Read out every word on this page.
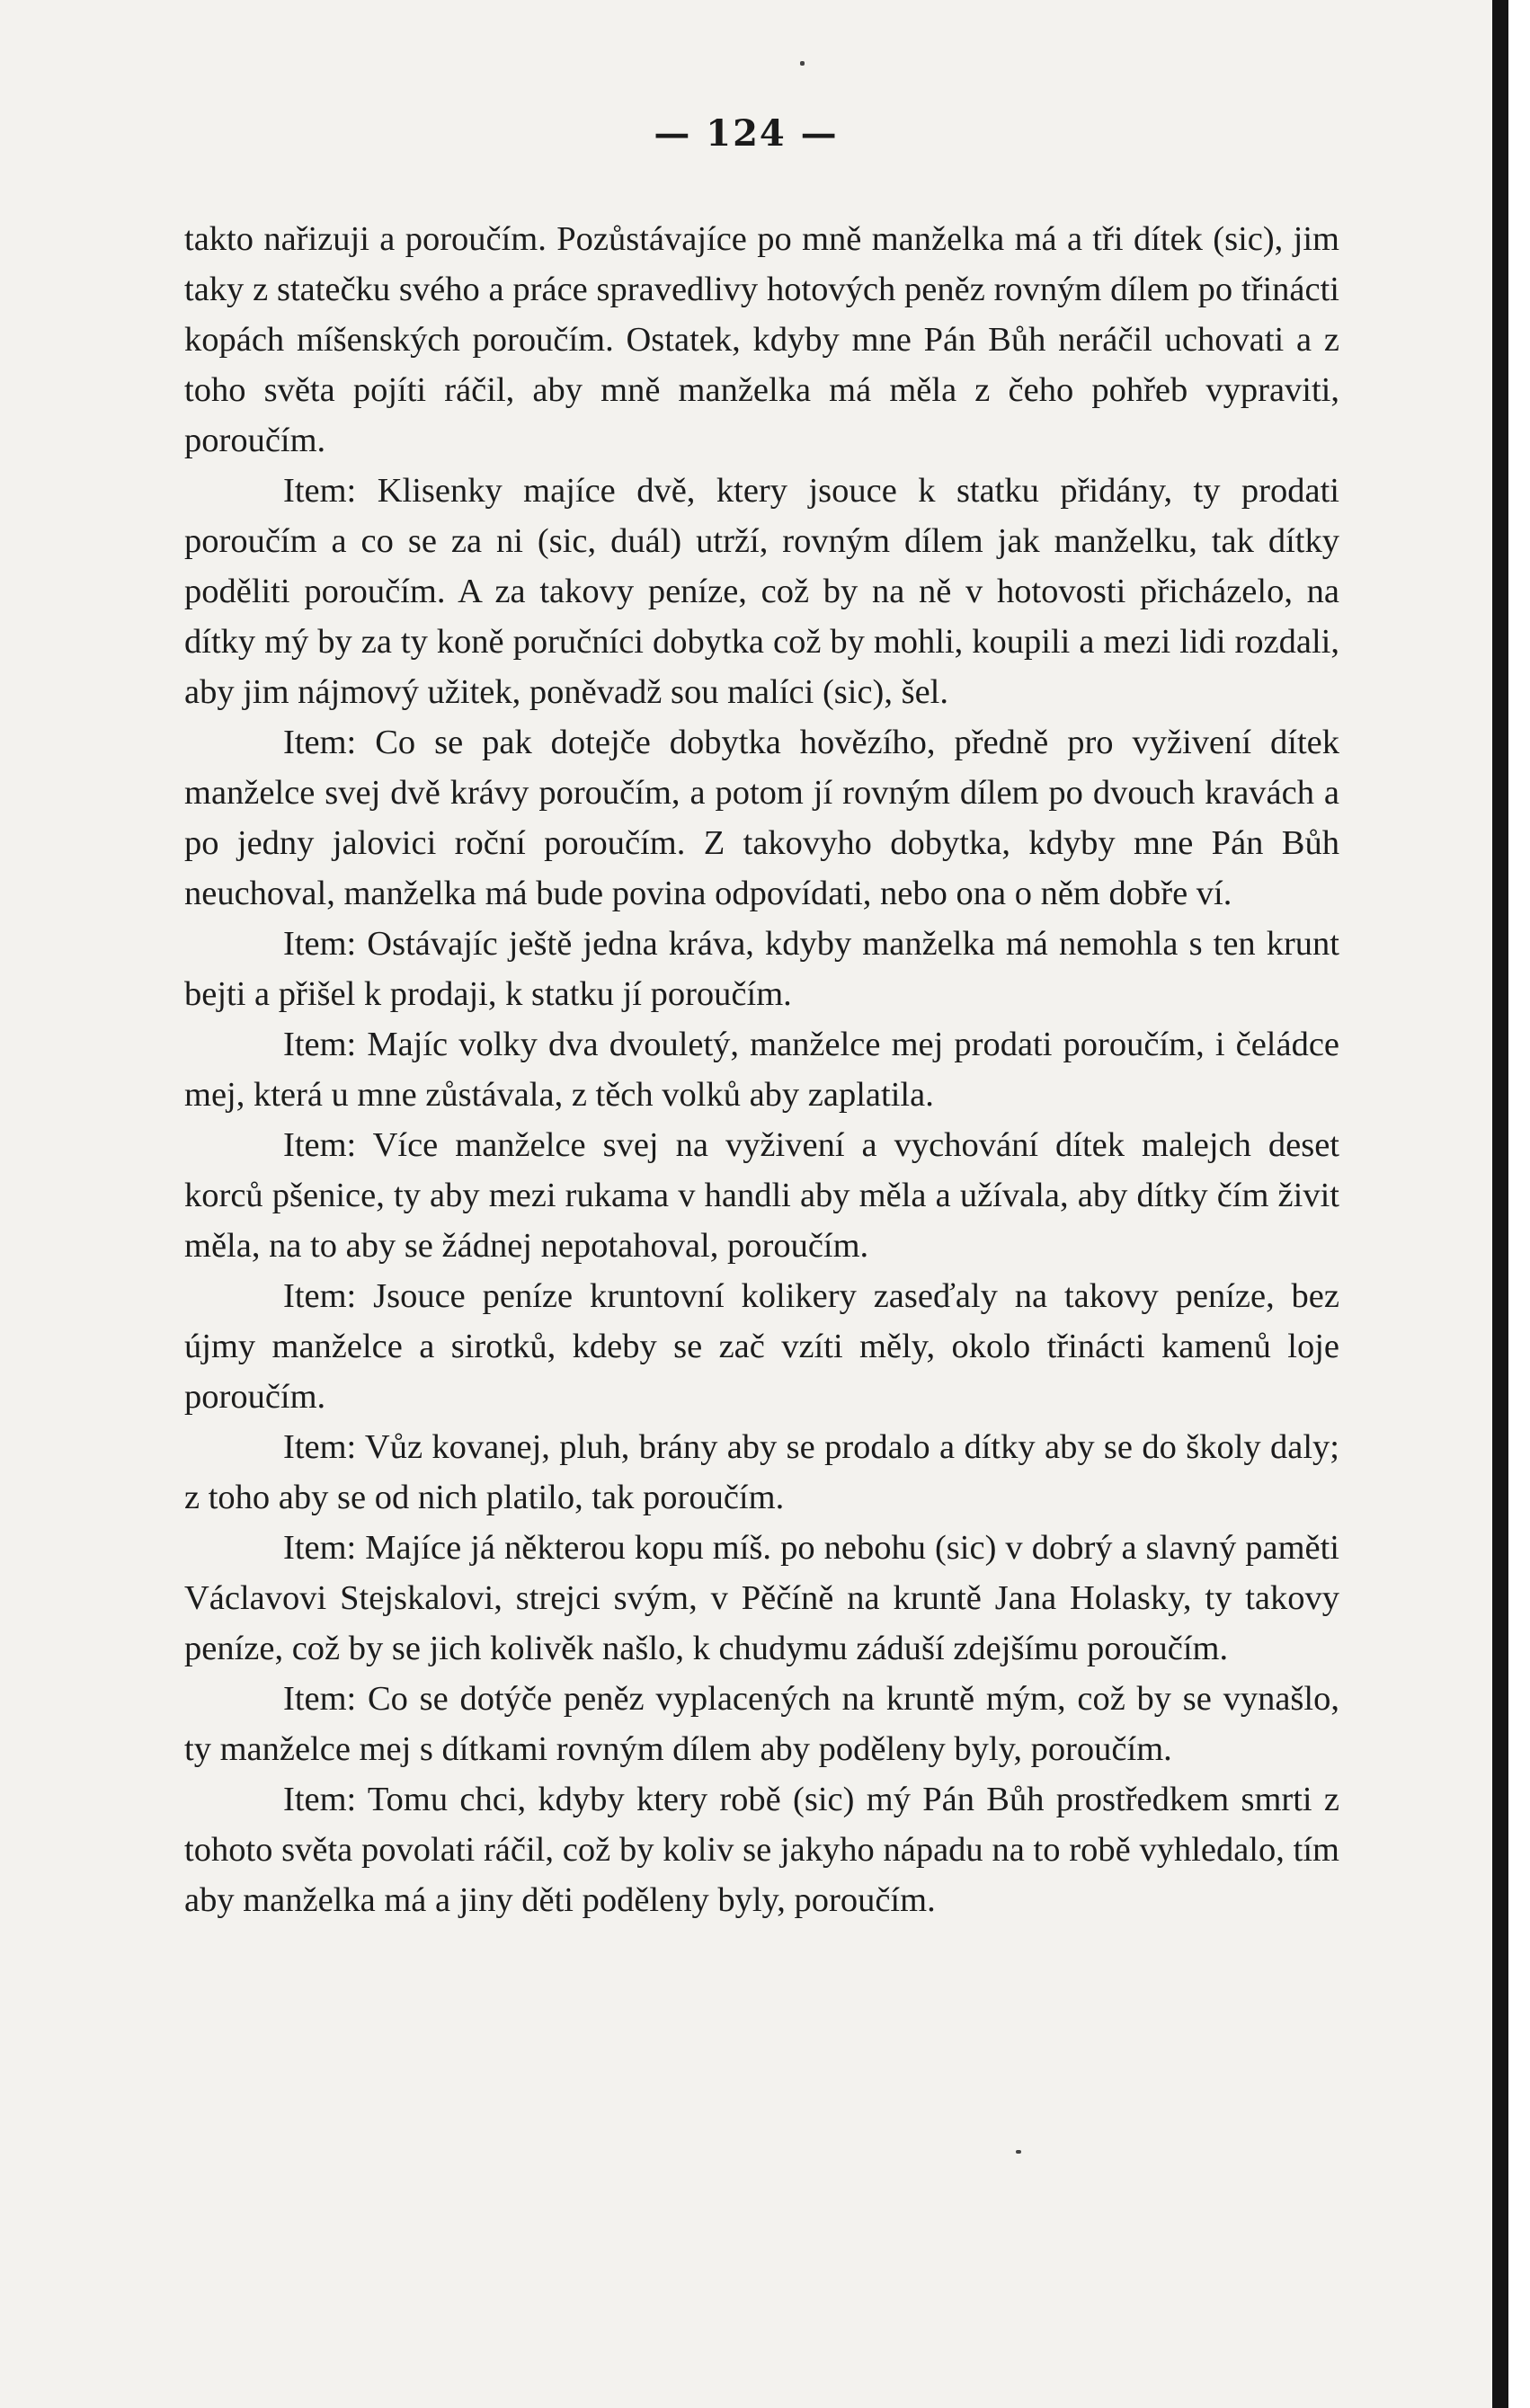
— 124 —

takto nařizuji a poroučím. Pozůstávajíce po mně manželka má a tři dítek (sic), jim taky z statečku svého a práce spravedlivy hotových peněz rovným dílem po třinácti kopách míšenských poroučím. Ostatek, kdyby mne Pán Bůh neráčil uchovati a z toho světa pojíti ráčil, aby mně manželka má měla z čeho pohřeb vypraviti, poroučím.

Item: Klisenky majíce dvě, ktery jsouce k statku přidány, ty prodati poroučím a co se za ni (sic, duál) utrží, rovným dílem jak manželku, tak dítky poděliti poroučím. A za takovy peníze, což by na ně v hotovosti přicházelo, na dítky mý by za ty koně poručníci dobytka což by mohli, koupili a mezi lidi rozdali, aby jim nájmový užitek, poněvadž sou malíci (sic), šel.

Item: Co se pak dotejče dobytka hovězího, předně pro vyživení dítek manželce svej dvě krávy poroučím, a potom jí rovným dílem po dvouch kravách a po jedny jalovici roční poroučím. Z takovyho dobytka, kdyby mne Pán Bůh neuchoval, manželka má bude povina odpovídati, nebo ona o něm dobře ví.

Item: Ostávajíc ještě jedna kráva, kdyby manželka má nemohla s ten krunt bejti a přišel k prodaji, k statku jí poroučím.

Item: Majíc volky dva dvouletý, manželce mej prodati poroučím, i čeládce mej, která u mne zůstávala, z těch volků aby zaplatila.

Item: Více manželce svej na vyživení a vychování dítek malejch deset korců pšenice, ty aby mezi rukama v handli aby měla a užívala, aby dítky čím živit měla, na to aby se žádnej nepotahoval, poroučím.

Item: Jsouce peníze kruntovní kolikery zaseďaly na takovy peníze, bez újmy manželce a sirotků, kdeby se zač vzíti měly, okolo třinácti kamenů loje poroučím.

Item: Vůz kovanej, pluh, brány aby se prodalo a dítky aby se do školy daly; z toho aby se od nich platilo, tak poroučím.

Item: Majíce já některou kopu míš. po nebohu (sic) v dobrý a slavný paměti Václavovi Stejskalovi, strejci svým, v Pěčíně na kruntě Jana Holasky, ty takovy peníze, což by se jich kolivěk našlo, k chudymu záduší zdejšímu poroučím.

Item: Co se dotýče peněz vyplacených na kruntě mým, což by se vynašlo, ty manželce mej s dítkami rovným dílem aby poděleny byly, poroučím.

Item: Tomu chci, kdyby ktery robě (sic) mý Pán Bůh prostředkem smrti z tohoto světa povolati ráčil, což by koliv se jakyho nápadu na to robě vyhledalo, tím aby manželka má a jiny děti poděleny byly, poroučím.
